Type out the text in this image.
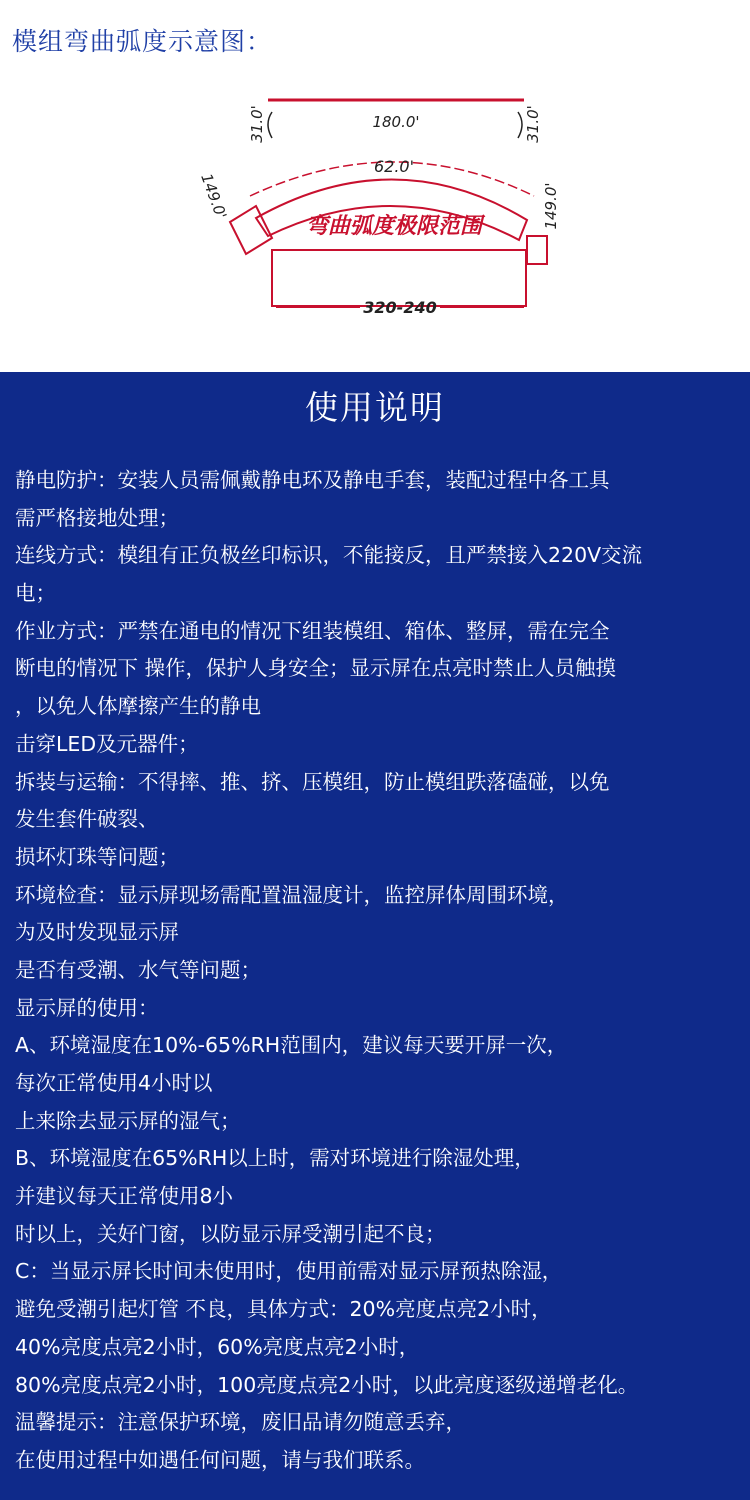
模组弯曲弧度示意图：
180.0'
31.0'	31.0'
62.0'
149.0'	149.0'
弯曲弧度极限范围
320-240
使用说明
静电防护：安装人员需佩戴静电环及静电手套，装配过程中各工具
需严格接地处理；
连线方式：模组有正负极丝印标识，不能接反，且严禁接入220V交流
电；
作业方式：严禁在通电的情况下组装模组、箱体、整屏，需在完全
断电的情况下 操作，保护人身安全；显示屏在点亮时禁止人员触摸
，以免人体摩擦产生的静电
击穿LED及元器件；
拆装与运输：不得摔、推、挤、压模组，防止模组跌落磕碰，以免
发生套件破裂、
损坏灯珠等问题；
环境检查：显示屏现场需配置温湿度计，监控屏体周围环境，
为及时发现显示屏
是否有受潮、水气等问题；
显示屏的使用：
A、环境湿度在10%-65%RH范围内，建议每天要开屏一次，
每次正常使用4小时以
上来除去显示屏的湿气；
B、环境湿度在65%RH以上时，需对环境进行除湿处理，
并建议每天正常使用8小
时以上，关好门窗，以防显示屏受潮引起不良；
C：当显示屏长时间未使用时，使用前需对显示屏预热除湿，
避免受潮引起灯管 不良，具体方式：20%亮度点亮2小时，
40%亮度点亮2小时，60%亮度点亮2小时，
80%亮度点亮2小时，100亮度点亮2小时，以此亮度逐级递增老化。
温馨提示：注意保护环境，废旧品请勿随意丢弃，
在使用过程中如遇任何问题，请与我们联系。
